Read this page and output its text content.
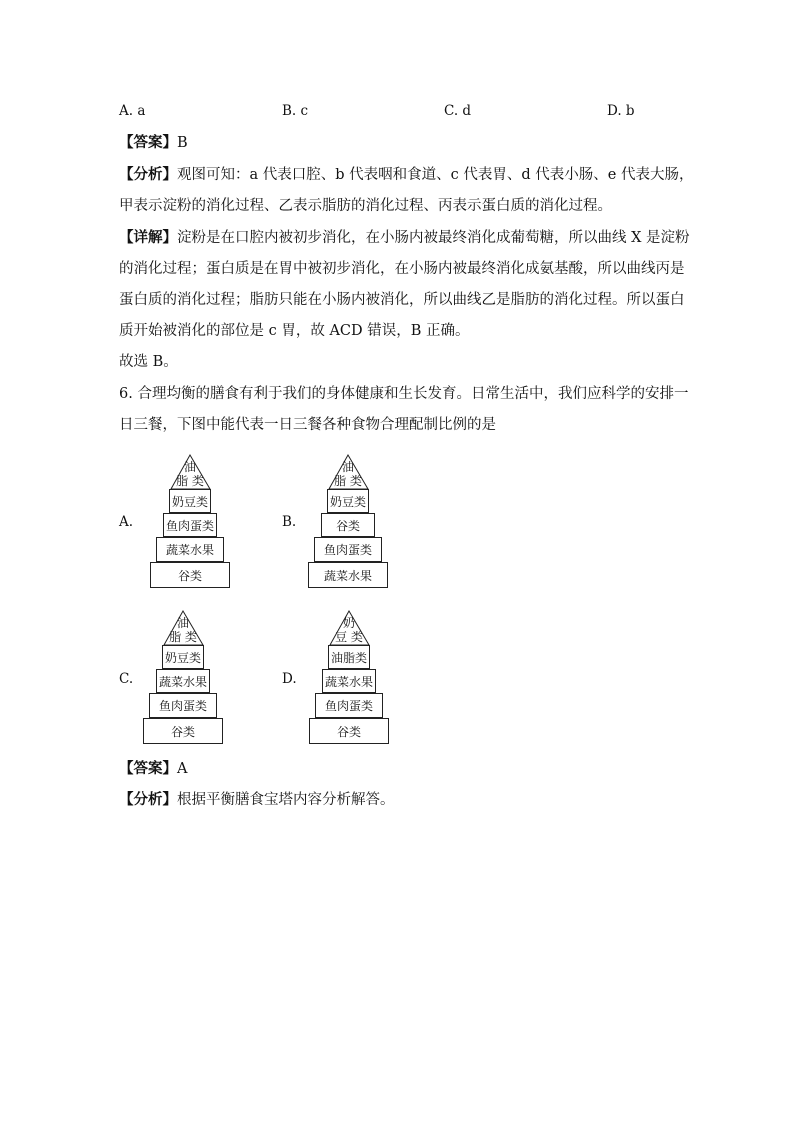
A. a	B. c	C. d	D. b
【答案】B
【分析】观图可知：a 代表口腔、b 代表咽和食道、c 代表胃、d 代表小肠、e 代表大肠，
甲表示淀粉的消化过程、乙表示脂肪的消化过程、丙表示蛋白质的消化过程。
【详解】淀粉是在口腔内被初步消化，在小肠内被最终消化成葡萄糖，所以曲线 X 是淀粉
的消化过程；蛋白质是在胃中被初步消化，在小肠内被最终消化成氨基酸，所以曲线丙是
蛋白质的消化过程；脂肪只能在小肠内被消化，所以曲线乙是脂肪的消化过程。所以蛋白
质开始被消化的部位是 c 胃，故 ACD 错误，B 正确。
故选 B。
6. 合理均衡的膳食有利于我们的身体健康和生长发育。日常生活中，我们应科学的安排一
日三餐，下图中能代表一日三餐各种食物合理配制比例的是
A.	B.
C.	D.
油
脂 类
奶豆类
鱼肉蛋类
蔬菜水果
谷类
油
脂 类
奶豆类
谷类
鱼肉蛋类
蔬菜水果
油
脂 类
奶豆类
蔬菜水果
鱼肉蛋类
谷类
奶
豆 类
油脂类
蔬菜水果
鱼肉蛋类
谷类
【答案】A
【分析】根据平衡膳食宝塔内容分析解答。
